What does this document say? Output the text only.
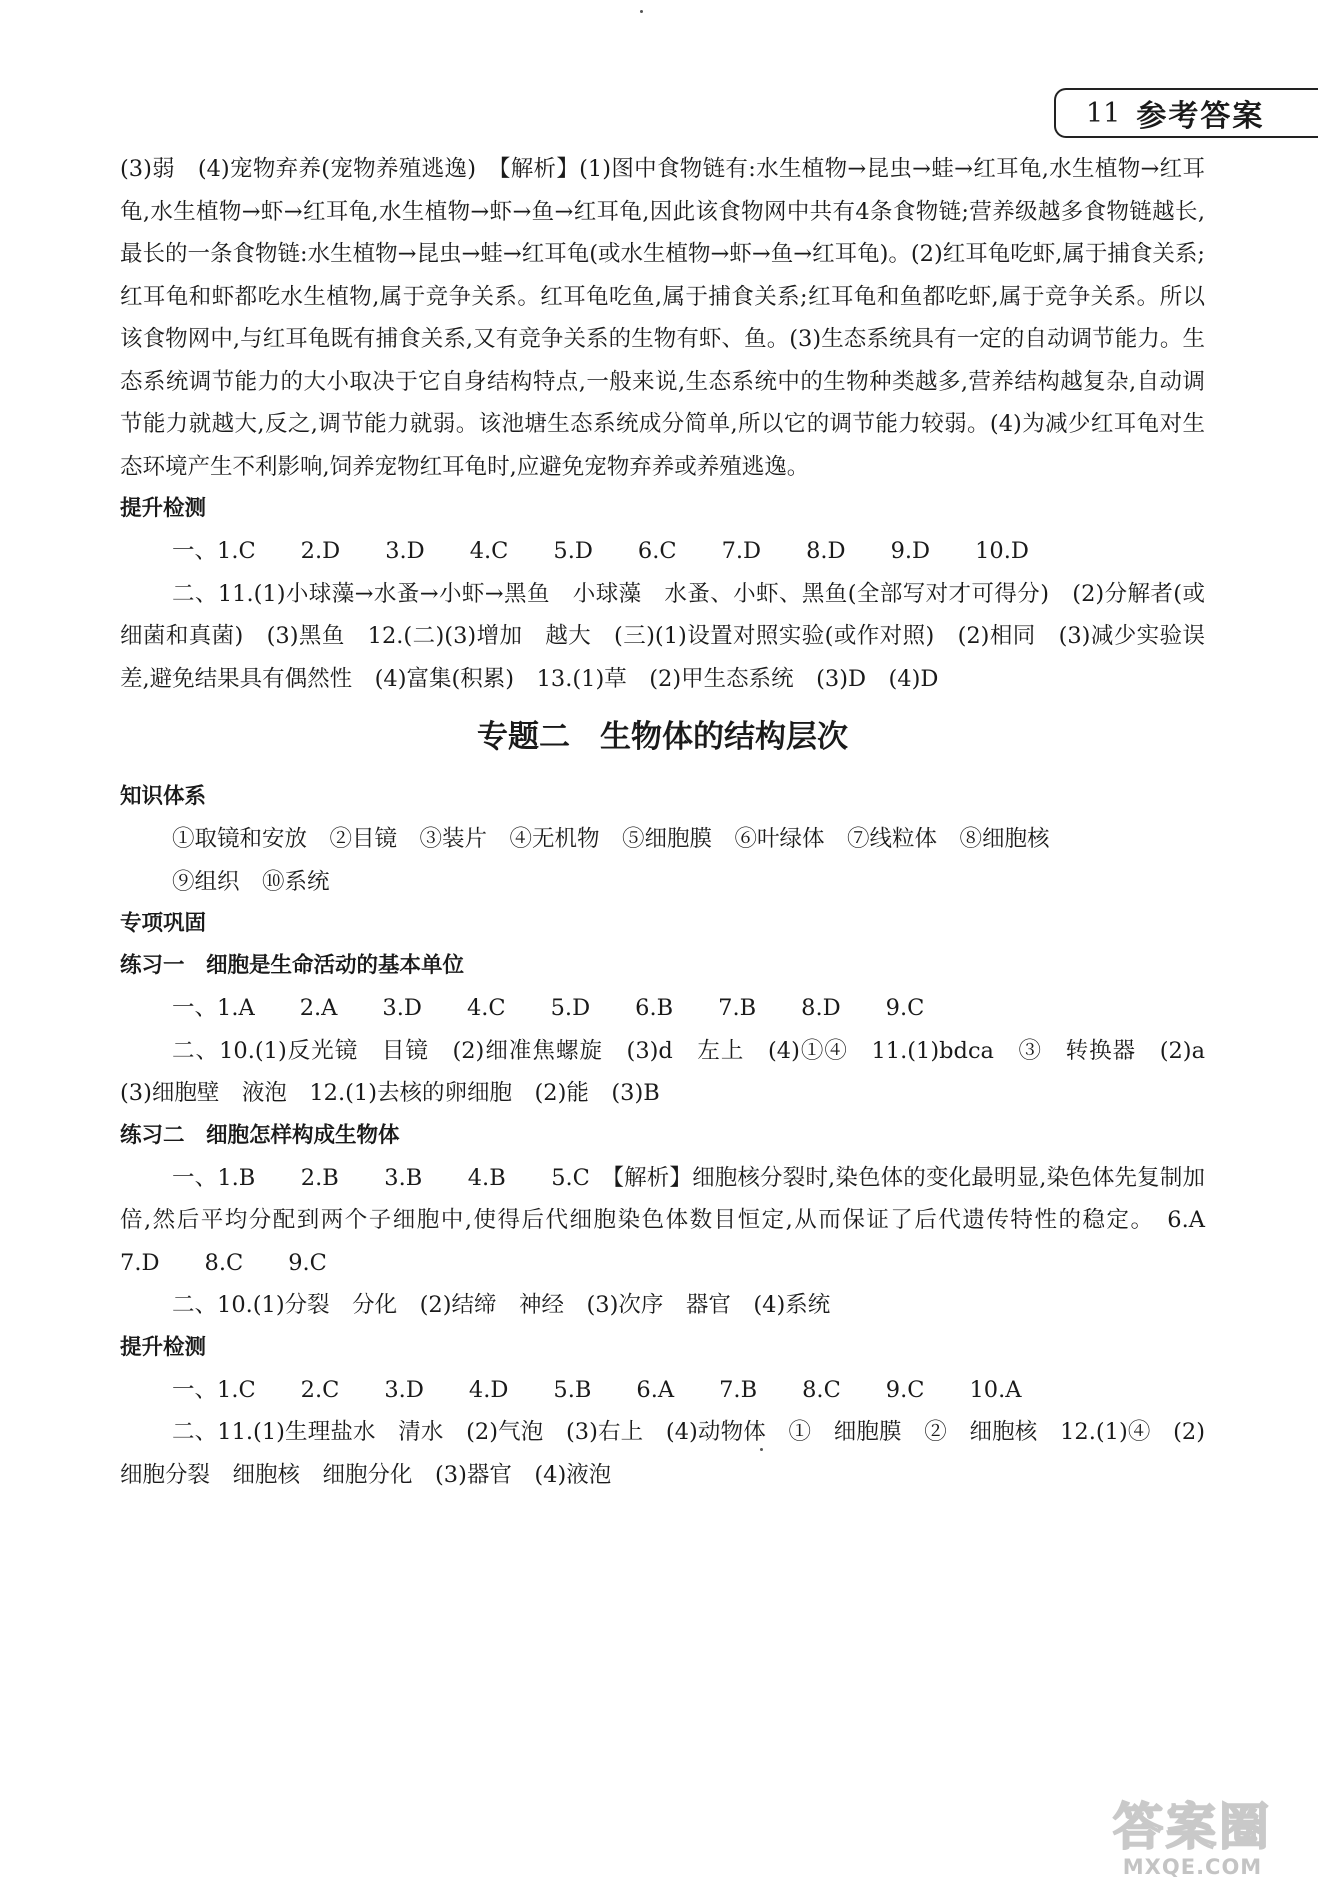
11 参考答案

(3)弱　(4)宠物弃养(宠物养殖逃逸)　【解析】(1)图中食物链有:水生植物→昆虫→蛙→红耳龟,水生植物→红耳龟,水生植物→虾→红耳龟,水生植物→虾→鱼→红耳龟,因此该食物网中共有4条食物链;营养级越多食物链越长,最长的一条食物链:水生植物→昆虫→蛙→红耳龟(或水生植物→虾→鱼→红耳龟)。(2)红耳龟吃虾,属于捕食关系;红耳龟和虾都吃水生植物,属于竞争关系。红耳龟吃鱼,属于捕食关系;红耳龟和鱼都吃虾,属于竞争关系。所以该食物网中,与红耳龟既有捕食关系,又有竞争关系的生物有虾、鱼。(3)生态系统具有一定的自动调节能力。生态系统调节能力的大小取决于它自身结构特点,一般来说,生态系统中的生物种类越多,营养结构越复杂,自动调节能力就越大,反之,调节能力就弱。该池塘生态系统成分简单,所以它的调节能力较弱。(4)为减少红耳龟对生态环境产生不利影响,饲养宠物红耳龟时,应避免宠物弃养或养殖逃逸。

提升检测

一、1.C　　2.D　　3.D　　4.C　　5.D　　6.C　　7.D　　8.D　　9.D　　10.D

二、11.(1)小球藻→水蚤→小虾→黑鱼　小球藻　水蚤、小虾、黑鱼(全部写对才可得分)　(2)分解者(或细菌和真菌)　(3)黑鱼　12.(二)(3)增加　越大　(三)(1)设置对照实验(或作对照)　(2)相同　(3)减少实验误差,避免结果具有偶然性　(4)富集(积累)　13.(1)草　(2)甲生态系统　(3)D　(4)D

专题二 生物体的结构层次

知识体系

①取镜和安放　②目镜　③装片　④无机物　⑤细胞膜　⑥叶绿体　⑦线粒体　⑧细胞核

⑨组织　⑩系统

专项巩固

练习一　细胞是生命活动的基本单位

一、1.A　　2.A　　3.D　　4.C　　5.D　　6.B　　7.B　　8.D　　9.C

二、10.(1)反光镜　目镜　(2)细准焦螺旋　(3)d　左上　(4)①④　11.(1)bdca　③　转换器　(2)a　(3)细胞壁　液泡　12.(1)去核的卵细胞　(2)能　(3)B

练习二　细胞怎样构成生物体

一、1.B　　2.B　　3.B　　4.B　　5.C　【解析】细胞核分裂时,染色体的变化最明显,染色体先复制加倍,然后平均分配到两个子细胞中,使得后代细胞染色体数目恒定,从而保证了后代遗传特性的稳定。　6.A　　7.D　　8.C　　9.C

二、10.(1)分裂　分化　(2)结缔　神经　(3)次序　器官　(4)系统

提升检测

一、1.C　　2.C　　3.D　　4.D　　5.B　　6.A　　7.B　　8.C　　9.C　　10.A

二、11.(1)生理盐水　清水　(2)气泡　(3)右上　(4)动物体　①　细胞膜　②　细胞核　12.(1)④　(2)细胞分裂　细胞核　细胞分化　(3)器官　(4)液泡

答案圈
MXQE.COM
